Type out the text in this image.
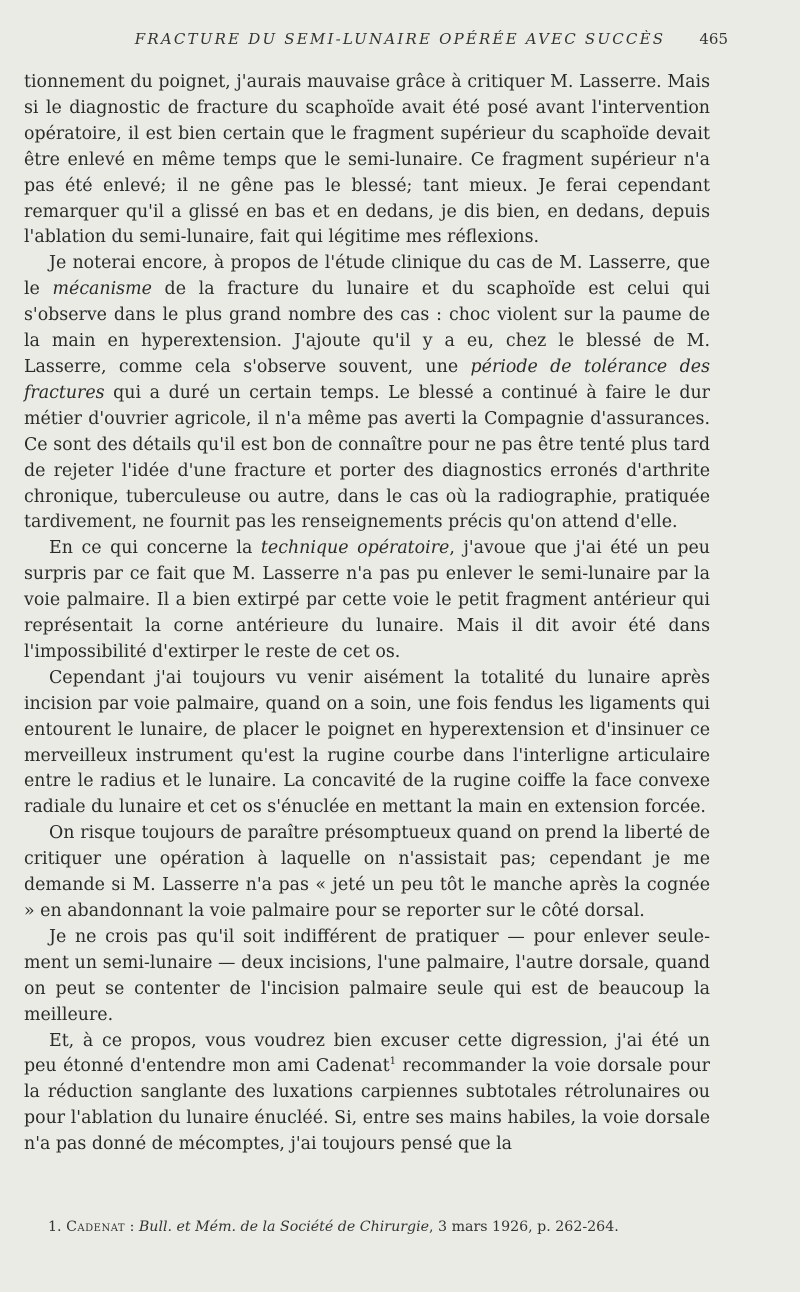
FRACTURE DU SEMI-LUNAIRE OPÉRÉE AVEC SUCCÈS	465

tionnement du poignet, j'aurais mauvaise grâce à critiquer M. Lasserre. Mais si le diagnostic de fracture du scaphoïde avait été posé avant l'intervention opératoire, il est bien certain que le fragment supérieur du scaphoïde devait être enlevé en même temps que le semi-lunaire. Ce fragment supérieur n'a pas été enlevé; il ne gêne pas le blessé; tant mieux. Je ferai cependant remarquer qu'il a glissé en bas et en dedans, je dis bien, en dedans, depuis l'ablation du semi-lunaire, fait qui légitime mes réflexions.

Je noterai encore, à propos de l'étude clinique du cas de M. Lasserre, que le mécanisme de la fracture du lunaire et du scaphoïde est celui qui s'observe dans le plus grand nombre des cas : choc violent sur la paume de la main en hyperextension. J'ajoute qu'il y a eu, chez le blessé de M. Lasserre, comme cela s'observe souvent, une période de tolérance des fractures qui a duré un certain temps. Le blessé a continué à faire le dur métier d'ouvrier agricole, il n'a même pas averti la Compagnie d'assurances. Ce sont des détails qu'il est bon de connaître pour ne pas être tenté plus tard de rejeter l'idée d'une fracture et porter des diagnostics erronés d'arthrite chronique, tuberculeuse ou autre, dans le cas où la radiographie, pratiquée tardivement, ne fournit pas les renseignements précis qu'on attend d'elle.

En ce qui concerne la technique opératoire, j'avoue que j'ai été un peu surpris par ce fait que M. Lasserre n'a pas pu enlever le semi-lunaire par la voie palmaire. Il a bien extirpé par cette voie le petit fragment antérieur qui représentait la corne antérieure du lunaire. Mais il dit avoir été dans l'impossibilité d'extirper le reste de cet os.

Cependant j'ai toujours vu venir aisément la totalité du lunaire après incision par voie palmaire, quand on a soin, une fois fendus les ligaments qui entourent le lunaire, de placer le poignet en hyperextension et d'insinuer ce merveilleux instrument qu'est la rugine courbe dans l'interligne articulaire entre le radius et le lunaire. La concavité de la rugine coiffe la face convexe radiale du lunaire et cet os s'énuclée en mettant la main en extension forcée.

On risque toujours de paraître présomptueux quand on prend la liberté de critiquer une opération à laquelle on n'assistait pas; cependant je me demande si M. Lasserre n'a pas « jeté un peu tôt le manche après la cognée » en abandonnant la voie palmaire pour se reporter sur le côté dorsal.

Je ne crois pas qu'il soit indifférent de pratiquer — pour enlever seulement un semi-lunaire — deux incisions, l'une palmaire, l'autre dorsale, quand on peut se contenter de l'incision palmaire seule qui est de beaucoup la meilleure.

Et, à ce propos, vous voudrez bien excuser cette digression, j'ai été un peu étonné d'entendre mon ami Cadenat$^1$ recommander la voie dorsale pour la réduction sanglante des luxations carpiennes subtotales rétrolunaires ou pour l'ablation du lunaire énucléé. Si, entre ses mains habiles, la voie dorsale n'a pas donné de mécomptes, j'ai toujours pensé que la

1. Cadenat : Bull. et Mém. de la Société de Chirurgie, 3 mars 1926, p. 262-264.
